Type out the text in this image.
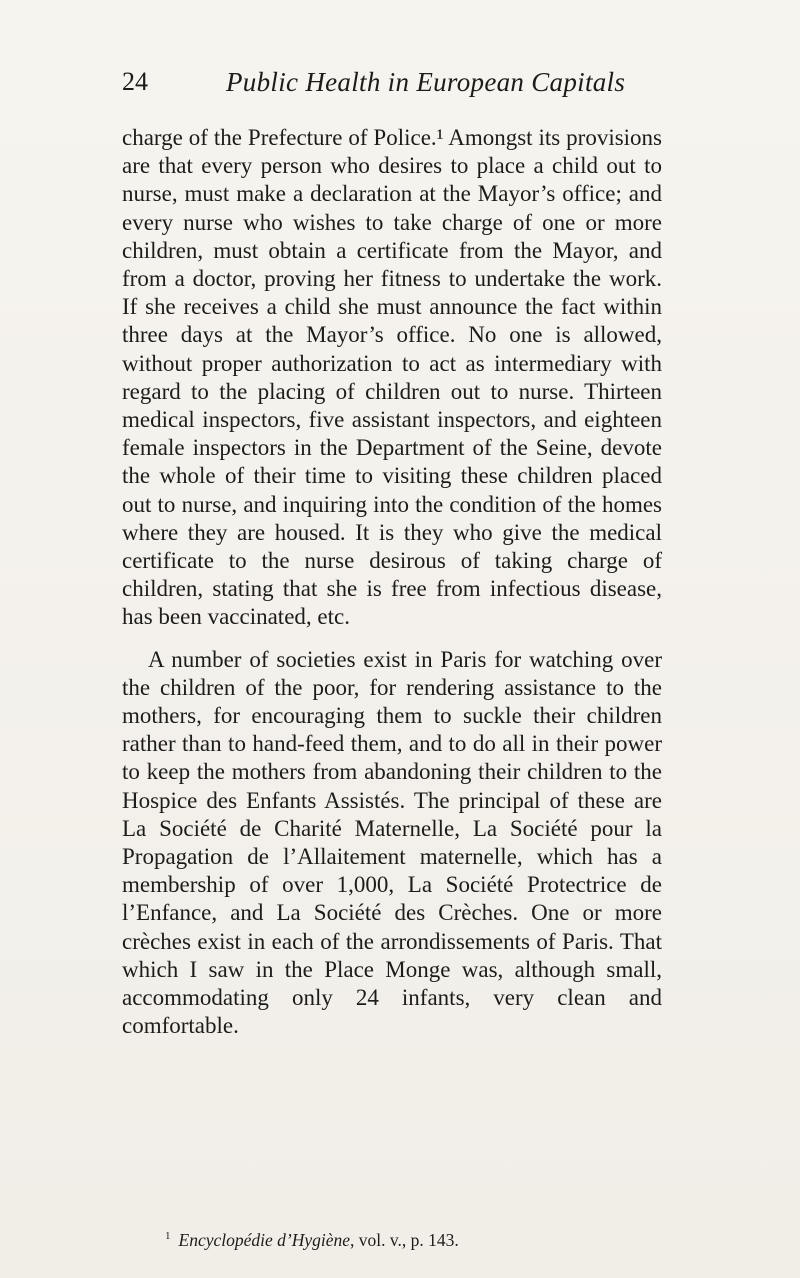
24	Public Health in European Capitals

charge of the Prefecture of Police.¹ Amongst its provisions are that every person who desires to place a child out to nurse, must make a declaration at the Mayor’s office; and every nurse who wishes to take charge of one or more children, must obtain a certificate from the Mayor, and from a doctor, proving her fitness to undertake the work. If she receives a child she must announce the fact within three days at the Mayor’s office. No one is allowed, without proper authorization to act as intermediary with regard to the placing of children out to nurse. Thirteen medical inspectors, five assistant inspectors, and eighteen female inspectors in the Department of the Seine, devote the whole of their time to visiting these children placed out to nurse, and inquiring into the condition of the homes where they are housed. It is they who give the medical certificate to the nurse desirous of taking charge of children, stating that she is free from infectious disease, has been vaccinated, etc.

A number of societies exist in Paris for watching over the children of the poor, for rendering assistance to the mothers, for encouraging them to suckle their children rather than to hand-feed them, and to do all in their power to keep the mothers from abandoning their children to the Hospice des Enfants Assistés. The principal of these are La Société de Charité Maternelle, La Société pour la Propagation de l’Allaitement maternelle, which has a membership of over 1,000, La Société Protectrice de l’Enfance, and La Société des Crèches. One or more crèches exist in each of the arrondissements of Paris. That which I saw in the Place Monge was, although small, accommodating only 24 infants, very clean and comfortable.

$^1$ Encyclopédie d’Hygiène, vol. v., p. 143.
